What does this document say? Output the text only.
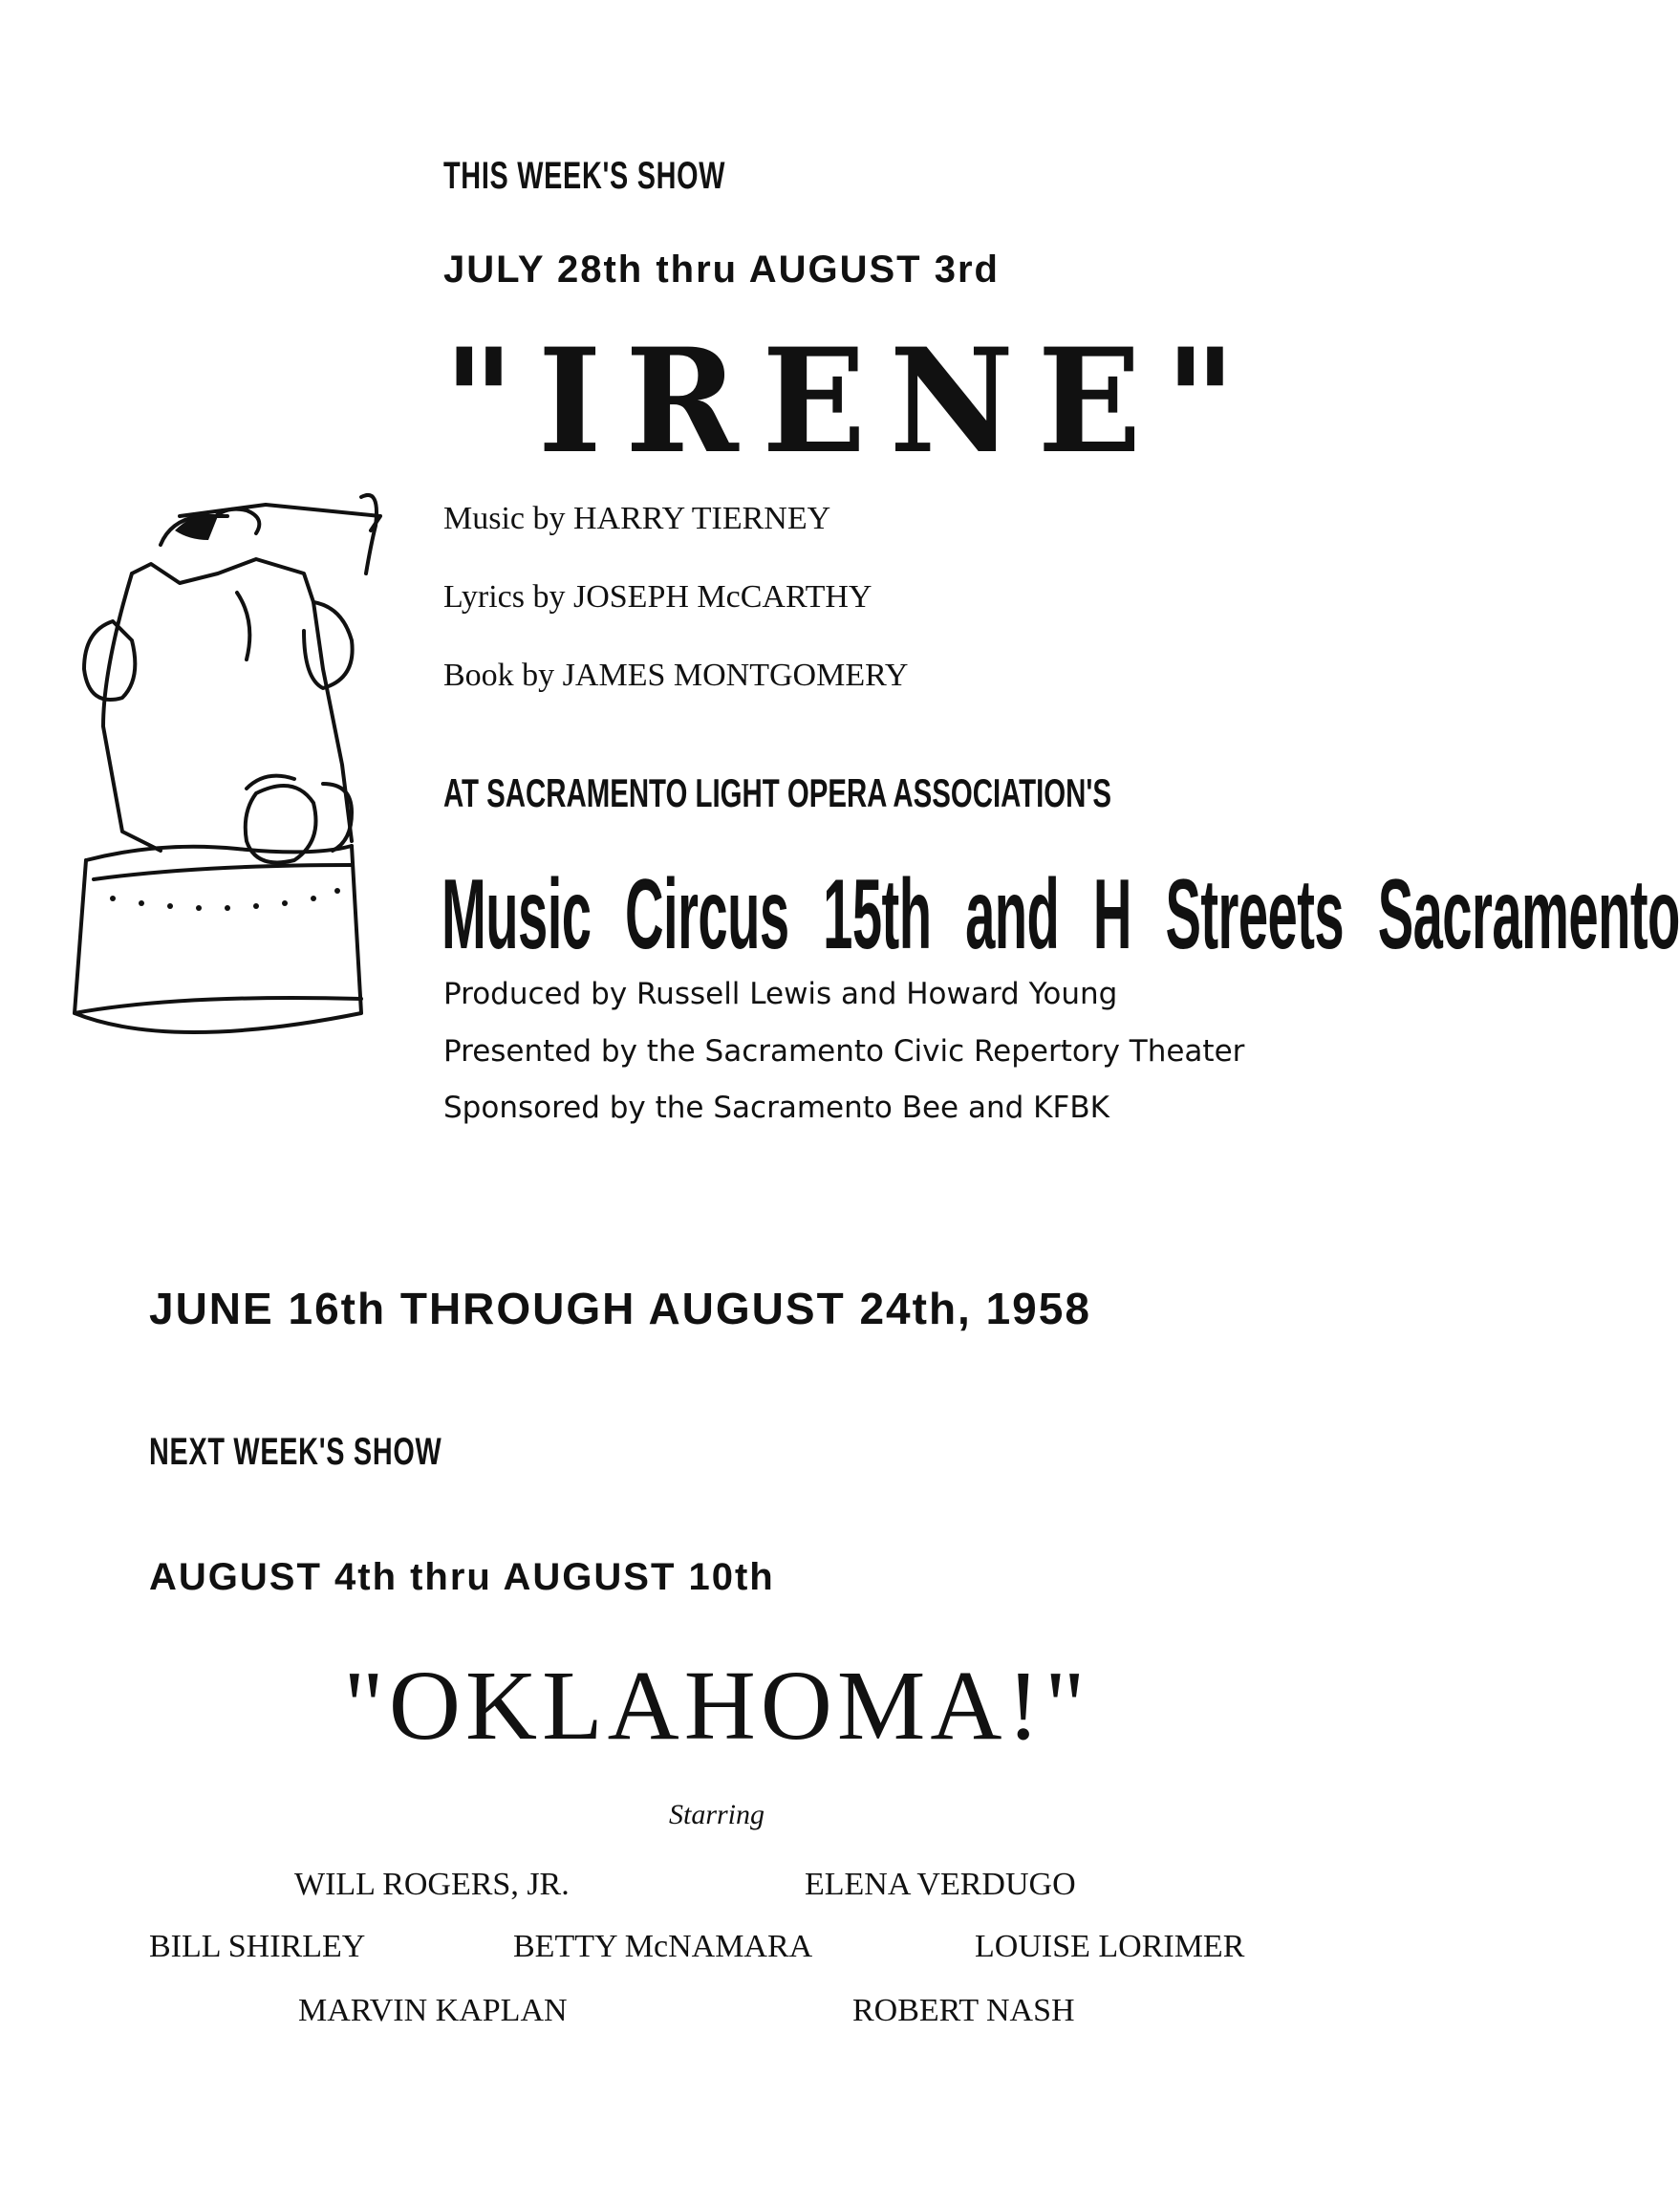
THIS WEEK'S SHOW
JULY 28th thru AUGUST 3rd
"IRENE"
Music by HARRY TIERNEY
Lyrics by JOSEPH McCARTHY
Book by JAMES MONTGOMERY
AT SACRAMENTO LIGHT OPERA ASSOCIATION'S
Music Circus 15th and H Streets Sacramento
Produced by Russell Lewis and Howard Young
Presented by the Sacramento Civic Repertory Theater
Sponsored by the Sacramento Bee and KFBK
JUNE 16th THROUGH AUGUST 24th, 1958
NEXT WEEK'S SHOW
AUGUST 4th thru AUGUST 10th
"OKLAHOMA!"
Starring
WILL ROGERS, JR.	ELENA VERDUGO
BILL SHIRLEY	BETTY McNAMARA	LOUISE LORIMER
MARVIN KAPLAN	ROBERT NASH
